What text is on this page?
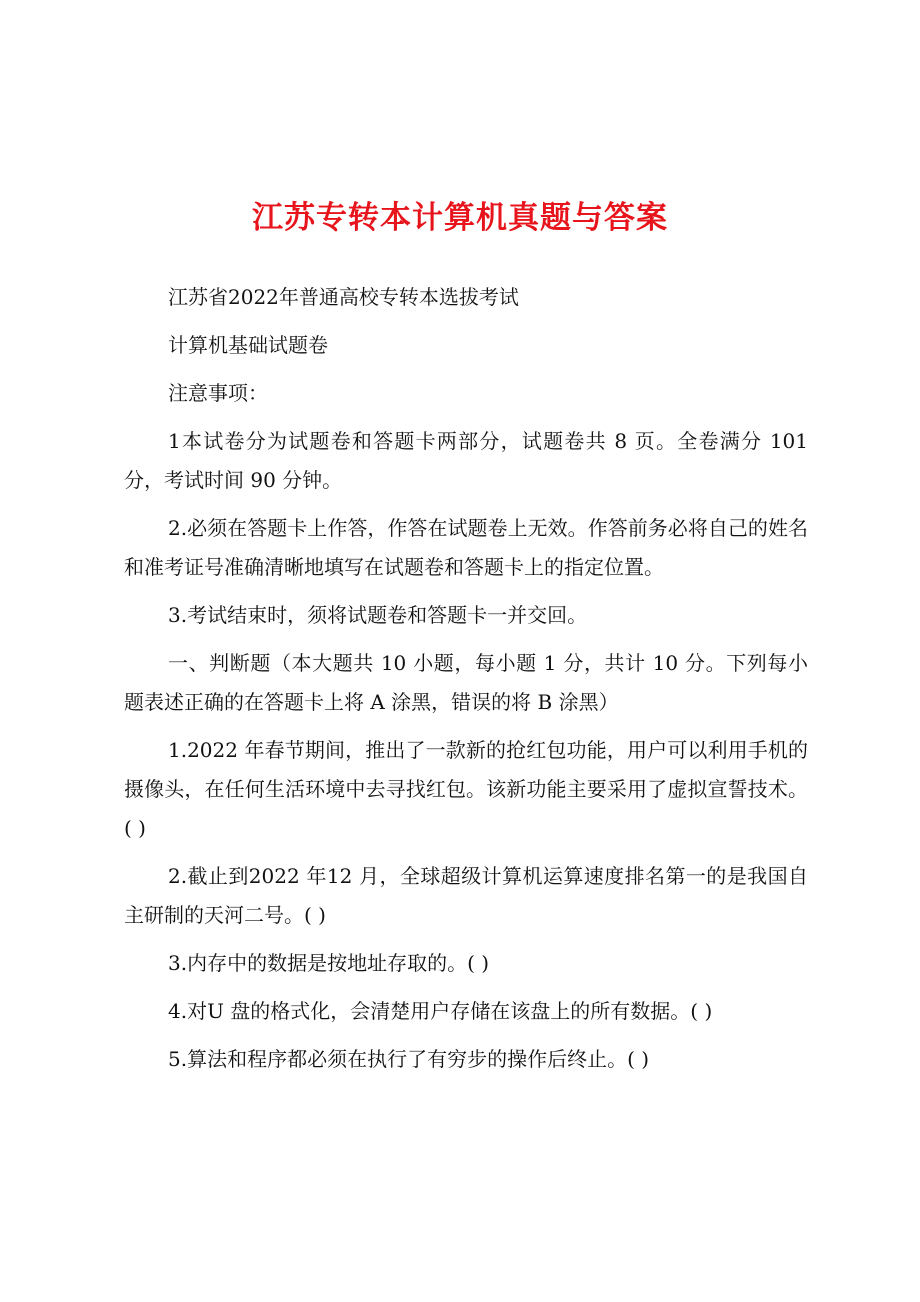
江苏专转本计算机真题与答案

江苏省2022年普通高校专转本选拔考试

计算机基础试题卷

注意事项：

1本试卷分为试题卷和答题卡两部分，试题卷共 8 页。全卷满分 101 分，考试时间 90 分钟。

2.必须在答题卡上作答，作答在试题卷上无效。作答前务必将自己的姓名和准考证号准确清晰地填写在试题卷和答题卡上的指定位置。

3.考试结束时，须将试题卷和答题卡一并交回。

一、判断题（本大题共 10 小题，每小题 1 分，共计 10 分。下列每小题表述正确的在答题卡上将 A 涂黑，错误的将 B 涂黑）

1.2022 年春节期间，推出了一款新的抢红包功能，用户可以利用手机的摄像头，在任何生活环境中去寻找红包。该新功能主要采用了虚拟宣誓技术。( )

2.截止到2022 年12 月，全球超级计算机运算速度排名第一的是我国自主研制的天河二号。( )

3.内存中的数据是按地址存取的。( )

4.对U 盘的格式化，会清楚用户存储在该盘上的所有数据。( )

5.算法和程序都必须在执行了有穷步的操作后终止。( )
